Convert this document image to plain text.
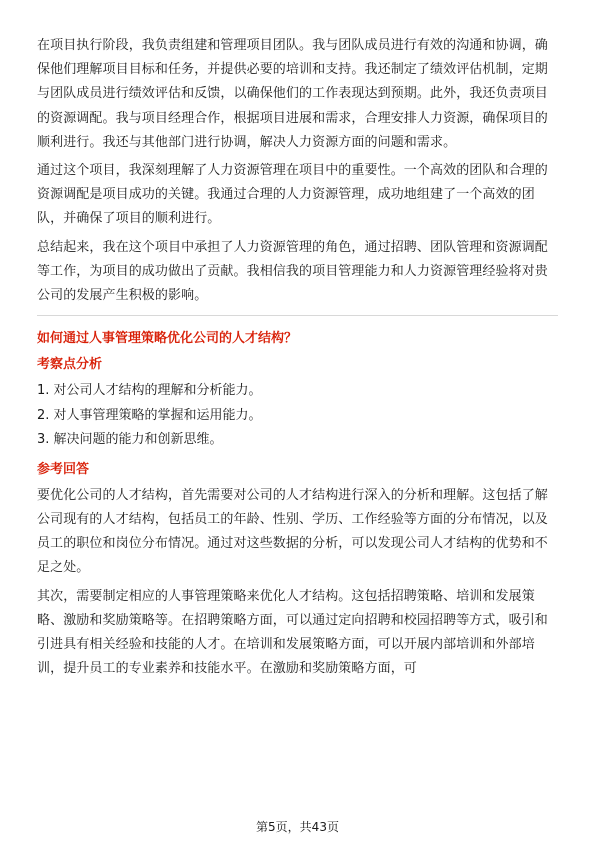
在项目执行阶段，我负责组建和管理项目团队。我与团队成员进行有效的沟通和协调，确保他们理解项目目标和任务，并提供必要的培训和支持。我还制定了绩效评估机制，定期与团队成员进行绩效评估和反馈，以确保他们的工作表现达到预期。此外，我还负责项目的资源调配。我与项目经理合作，根据项目进展和需求，合理安排人力资源，确保项目的顺利进行。我还与其他部门进行协调，解决人力资源方面的问题和需求。

通过这个项目，我深刻理解了人力资源管理在项目中的重要性。一个高效的团队和合理的资源调配是项目成功的关键。我通过合理的人力资源管理，成功地组建了一个高效的团队，并确保了项目的顺利进行。

总结起来，我在这个项目中承担了人力资源管理的角色，通过招聘、团队管理和资源调配等工作，为项目的成功做出了贡献。我相信我的项目管理能力和人力资源管理经验将对贵公司的发展产生积极的影响。

如何通过人事管理策略优化公司的人才结构？
考察点分析
1. 对公司人才结构的理解和分析能力。
2. 对人事管理策略的掌握和运用能力。
3. 解决问题的能力和创新思维。
参考回答

要优化公司的人才结构，首先需要对公司的人才结构进行深入的分析和理解。这包括了解公司现有的人才结构，包括员工的年龄、性别、学历、工作经验等方面的分布情况，以及员工的职位和岗位分布情况。通过对这些数据的分析，可以发现公司人才结构的优势和不足之处。

其次，需要制定相应的人事管理策略来优化人才结构。这包括招聘策略、培训和发展策略、激励和奖励策略等。在招聘策略方面，可以通过定向招聘和校园招聘等方式，吸引和引进具有相关经验和技能的人才。在培训和发展策略方面，可以开展内部培训和外部培训，提升员工的专业素养和技能水平。在激励和奖励策略方面，可

第5页，共43页
